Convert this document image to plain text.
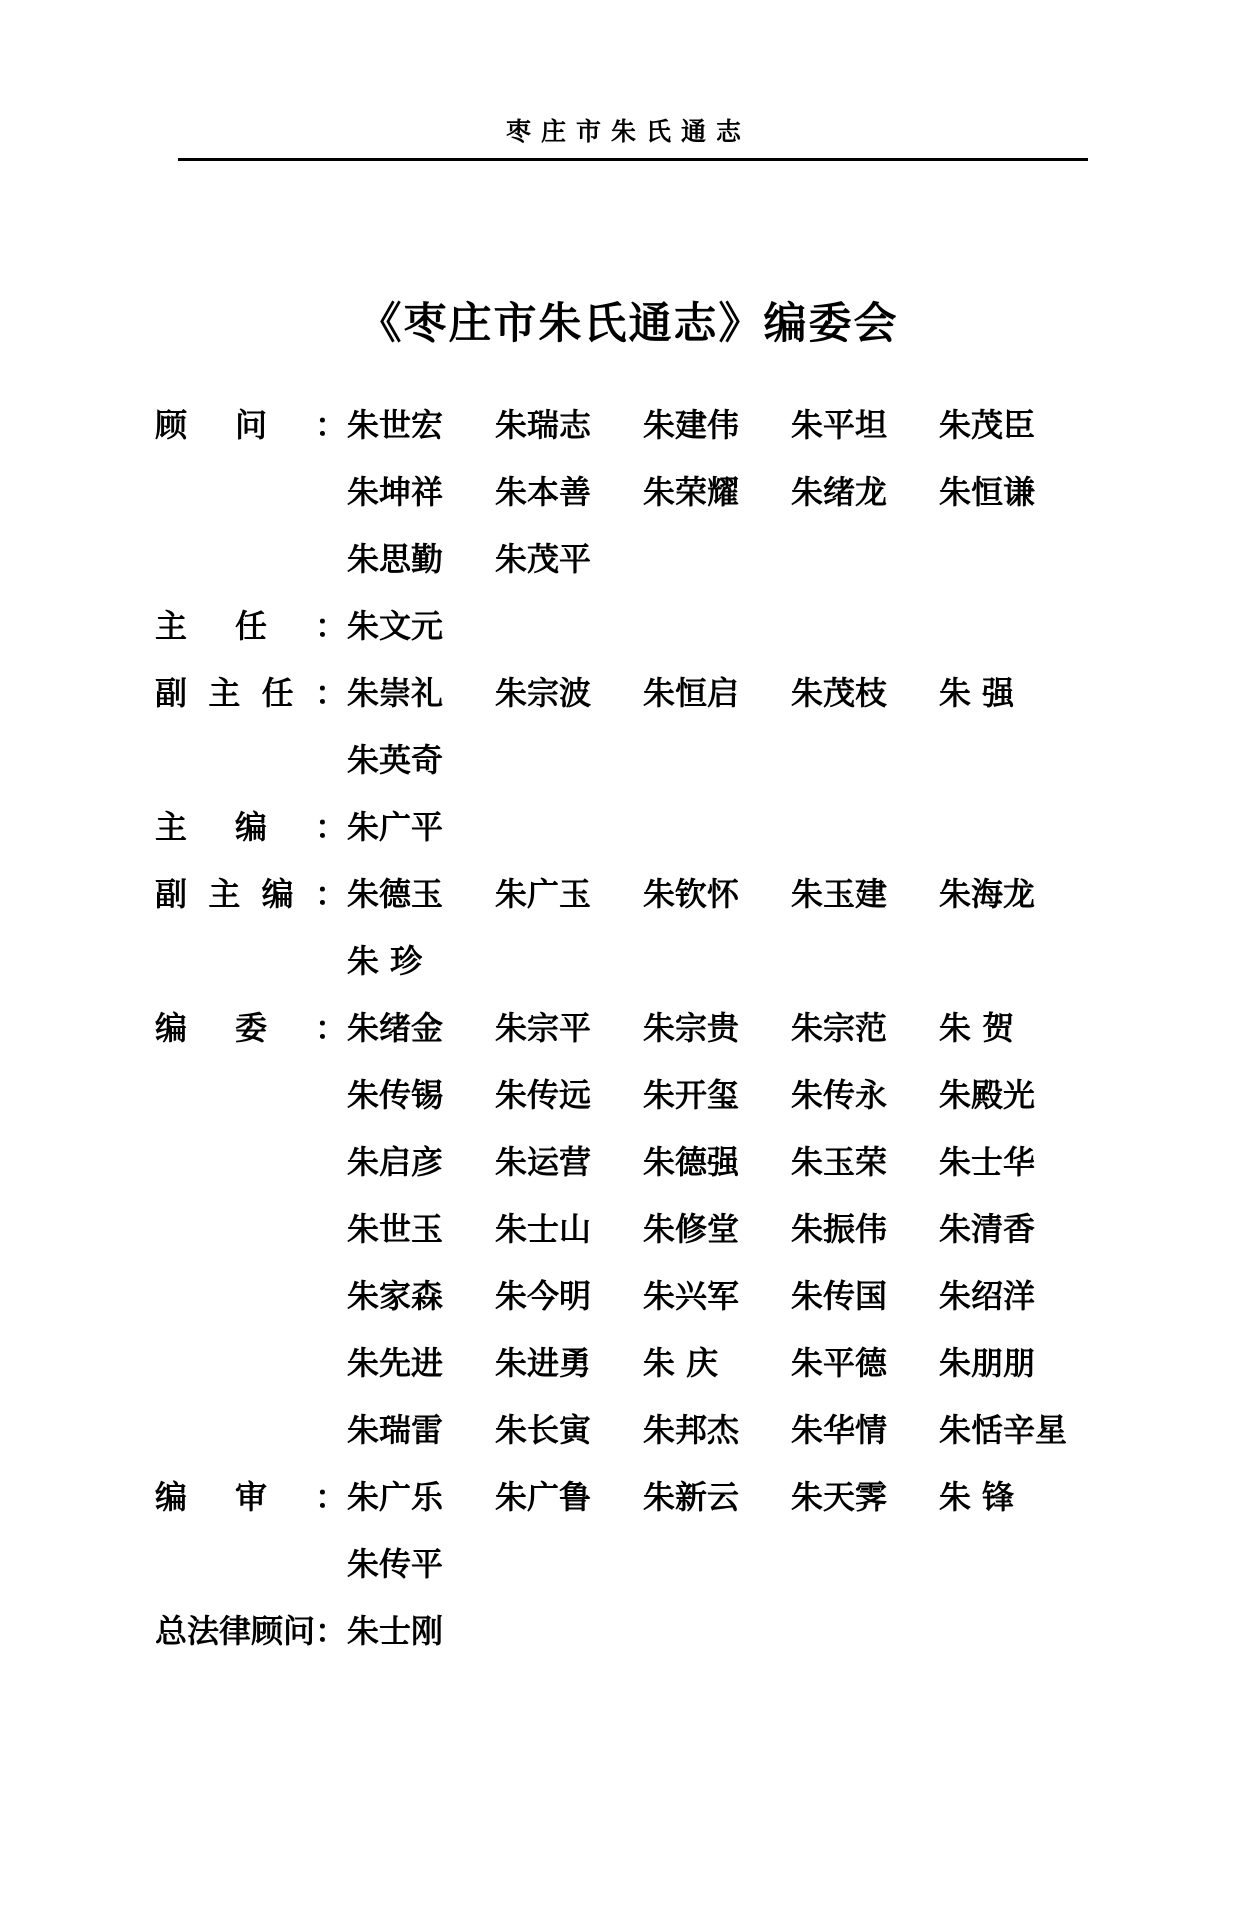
枣庄市朱氏通志
《枣庄市朱氏通志》编委会
顾 问 ： 朱世宏	朱瑞志	朱建伟	朱平坦	朱茂臣
朱坤祥	朱本善	朱荣耀	朱绪龙	朱恒谦
朱思勤	朱茂平
主 任 ： 朱文元
副 主 任 ： 朱崇礼	朱宗波	朱恒启	朱茂枝	朱 强
朱英奇
主 编 ： 朱广平
副 主 编 ： 朱德玉	朱广玉	朱钦怀	朱玉建	朱海龙
朱 珍
编 委 ： 朱绪金	朱宗平	朱宗贵	朱宗范	朱 贺
朱传锡	朱传远	朱开玺	朱传永	朱殿光
朱启彦	朱运营	朱德强	朱玉荣	朱士华
朱世玉	朱士山	朱修堂	朱振伟	朱清香
朱家森	朱今明	朱兴军	朱传国	朱绍洋
朱先进	朱进勇	朱 庆	朱平德	朱朋朋
朱瑞雷	朱长寅	朱邦杰	朱华情	朱恬辛星
编 审 ： 朱广乐	朱广鲁	朱新云	朱天霁	朱 锋
朱传平
总法律顾问：朱士刚
